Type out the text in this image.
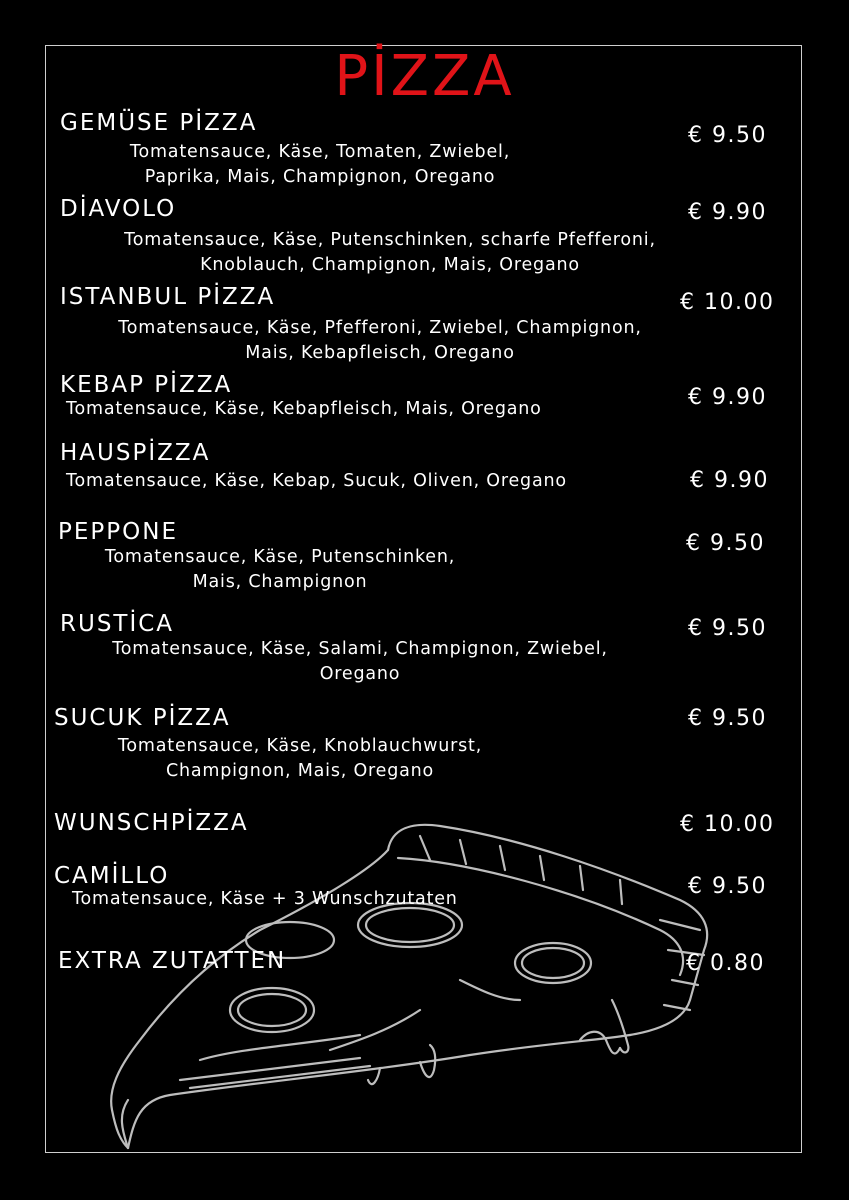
PİZZA
GEMÜSE PİZZA
Tomatensauce, Käse, Tomaten, Zwiebel,
Paprika, Mais, Champignon, Oregano
€ 9.50
DİAVOLO
Tomatensauce, Käse, Putenschinken, scharfe Pfefferoni,
Knoblauch, Champignon, Mais, Oregano
€ 9.90
ISTANBUL PİZZA
Tomatensauce, Käse, Pfefferoni, Zwiebel, Champignon,
Mais, Kebapfleisch, Oregano
€ 10.00
KEBAP PİZZA
Tomatensauce, Käse, Kebapfleisch, Mais, Oregano	€ 9.90
HAUSPİZZA
Tomatensauce, Käse, Kebap, Sucuk, Oliven, Oregano	€ 9.90
PEPPONE
Tomatensauce, Käse, Putenschinken,
Mais, Champignon
€ 9.50
RUSTİCA
Tomatensauce, Käse, Salami, Champignon, Zwiebel,
Oregano
€ 9.50
SUCUK PİZZA
Tomatensauce, Käse, Knoblauchwurst,
Champignon, Mais, Oregano
€ 9.50
WUNSCHPİZZA	€ 10.00
CAMİLLO
Tomatensauce, Käse + 3 Wunschzutaten	€ 9.50
EXTRA ZUTATTEN	€ 0.80
